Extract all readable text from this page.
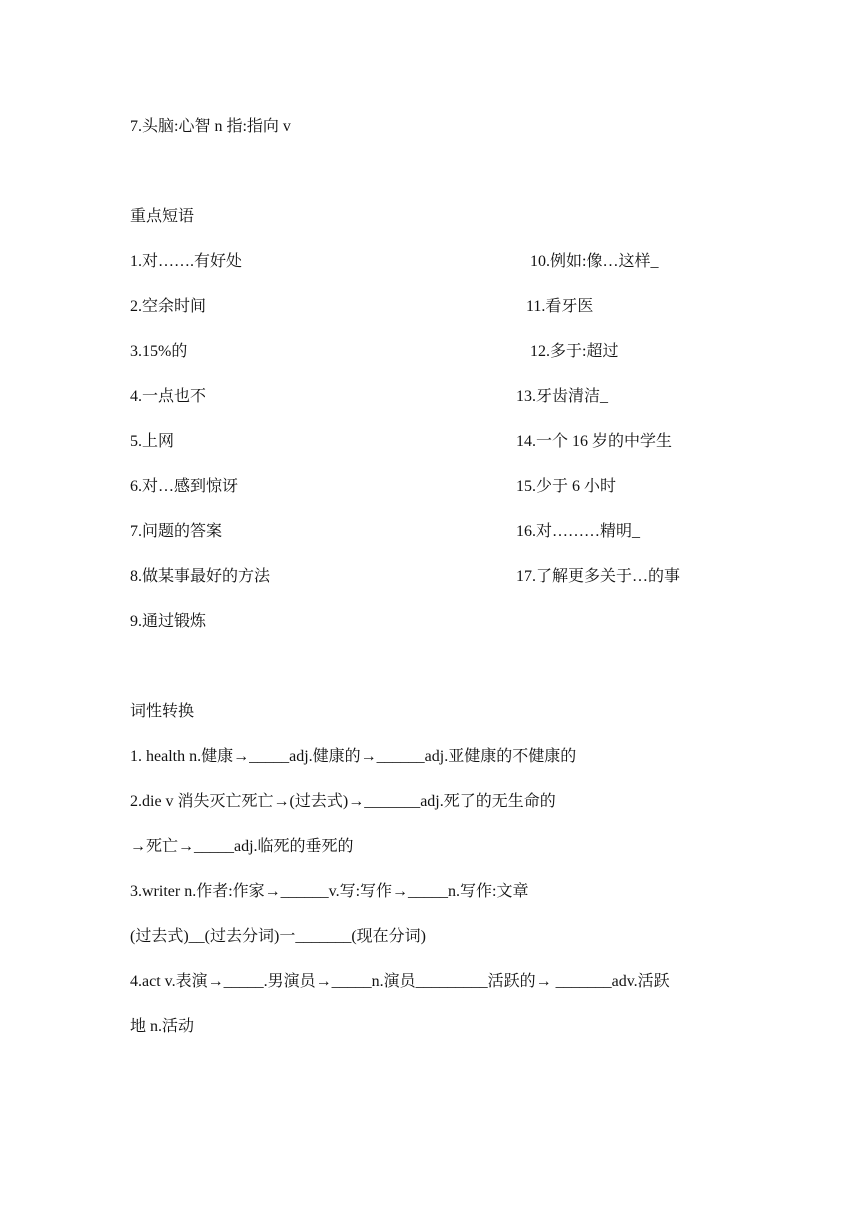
7.头脑:心智 n 指:指向 v
重点短语
1.对…….有好处
2.空余时间
3.15%的
4.一点也不
5.上网
6.对…感到惊讶
7.问题的答案
8.做某事最好的方法
9.通过锻炼
10.例如:像…这样_
11.看牙医
12.多于:超过
13.牙齿清洁_
14.一个 16 岁的中学生
15.少于 6 小时
16.对………精明_
17.了解更多关于…的事
词性转换
1. health n.健康→_____adj.健康的→______adj.亚健康的不健康的
2.die v 消失灭亡死亡→(过去式)→_______adj.死了的无生命的
→死亡→_____adj.临死的垂死的
3.writer n.作者:作家→______v.写:写作→_____n.写作:文章
(过去式)__(过去分词)一_______(现在分词)
4.act v.表演→_____.男演员→_____n.演员_________活跃的→ _______adv.活跃
地 n.活动
